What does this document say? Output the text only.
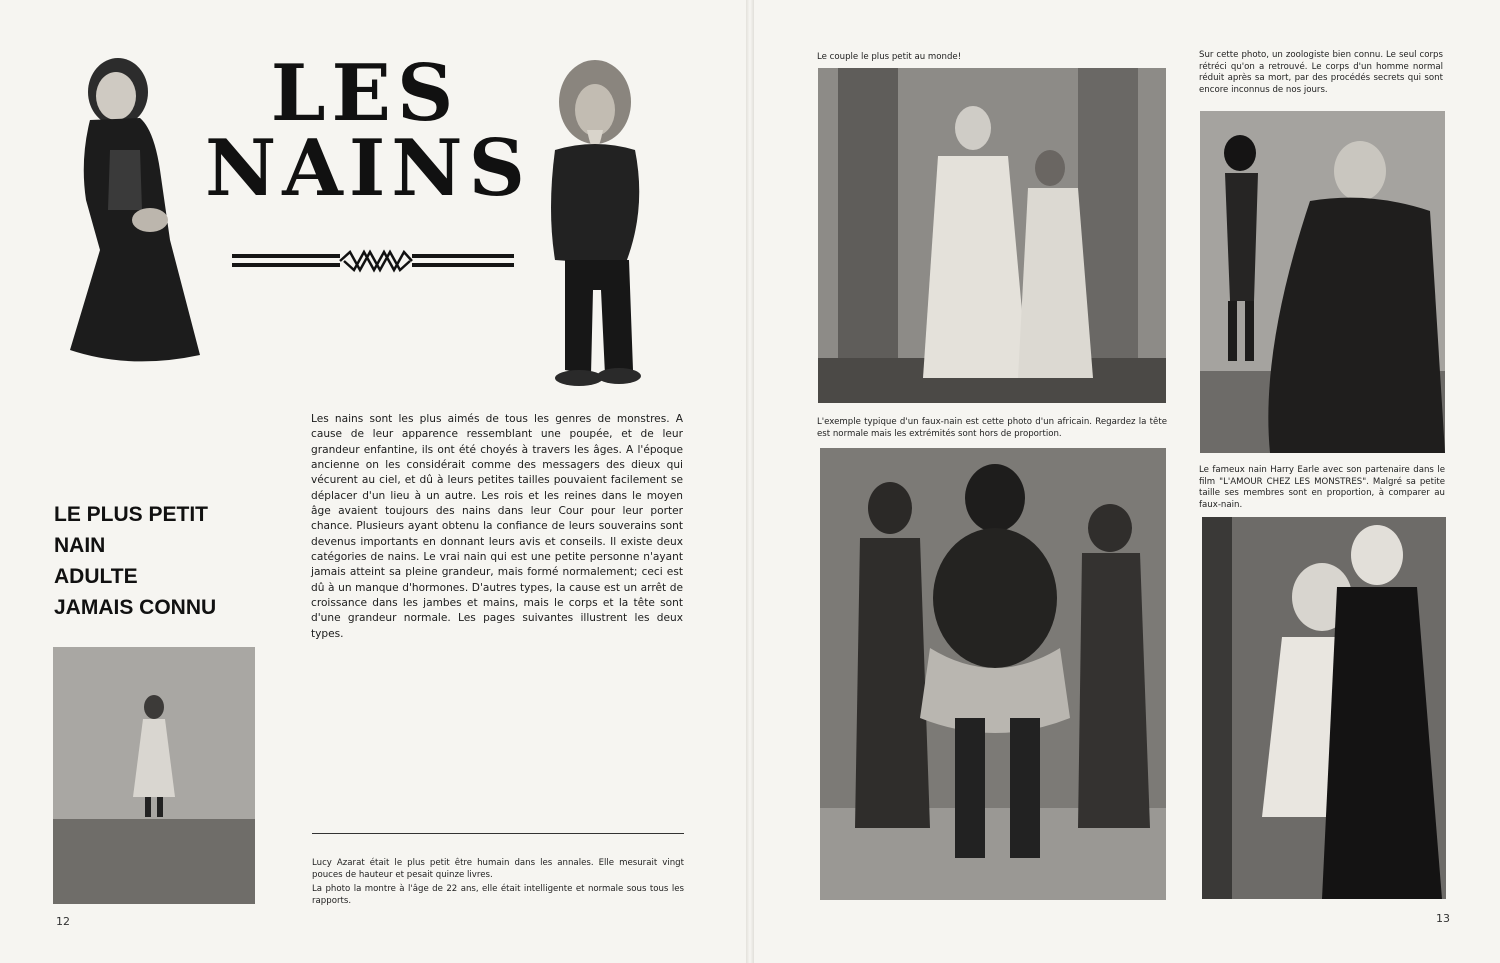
LES
NAINS
LE PLUS PETIT
NAIN
ADULTE
JAMAIS CONNU
Les nains sont les plus aimés de tous les genres de monstres. A cause de leur apparence ressemblant une poupée, et de leur grandeur enfantine, ils ont été choyés à travers les âges. A l'époque ancienne on les considérait comme des messagers des dieux qui vécurent au ciel, et dû à leurs petites tailles pouvaient facilement se déplacer d'un lieu à un autre. Les rois et les reines dans le moyen âge avaient toujours des nains dans leur Cour pour leur porter chance. Plusieurs ayant obtenu la confiance de leurs souverains sont devenus importants en donnant leurs avis et conseils. Il existe deux catégories de nains. Le vrai nain qui est une petite personne n'ayant jamais atteint sa pleine grandeur, mais formé normalement; ceci est dû à un manque d'hormones. D'autres types, la cause est un arrêt de croissance dans les jambes et mains, mais le corps et la tête sont d'une grandeur normale. Les pages suivantes illustrent les deux types.
Lucy Azarat était le plus petit être humain dans les annales. Elle mesurait vingt pouces de hauteur et pesait quinze livres.
La photo la montre à l'âge de 22 ans, elle était intelligente et normale sous tous les rapports.
12
Le couple le plus petit au monde!
L'exemple typique d'un faux-nain est cette photo d'un africain. Regardez la tête est normale mais les extrémités sont hors de proportion.
Sur cette photo, un zoologiste bien connu. Le seul corps rétréci qu'on a retrouvé. Le corps d'un homme normal réduit après sa mort, par des procédés secrets qui sont encore inconnus de nos jours.
Le fameux nain Harry Earle avec son partenaire dans le film "L'AMOUR CHEZ LES MONSTRES". Malgré sa petite taille ses membres sont en proportion, à comparer au faux-nain.
13
